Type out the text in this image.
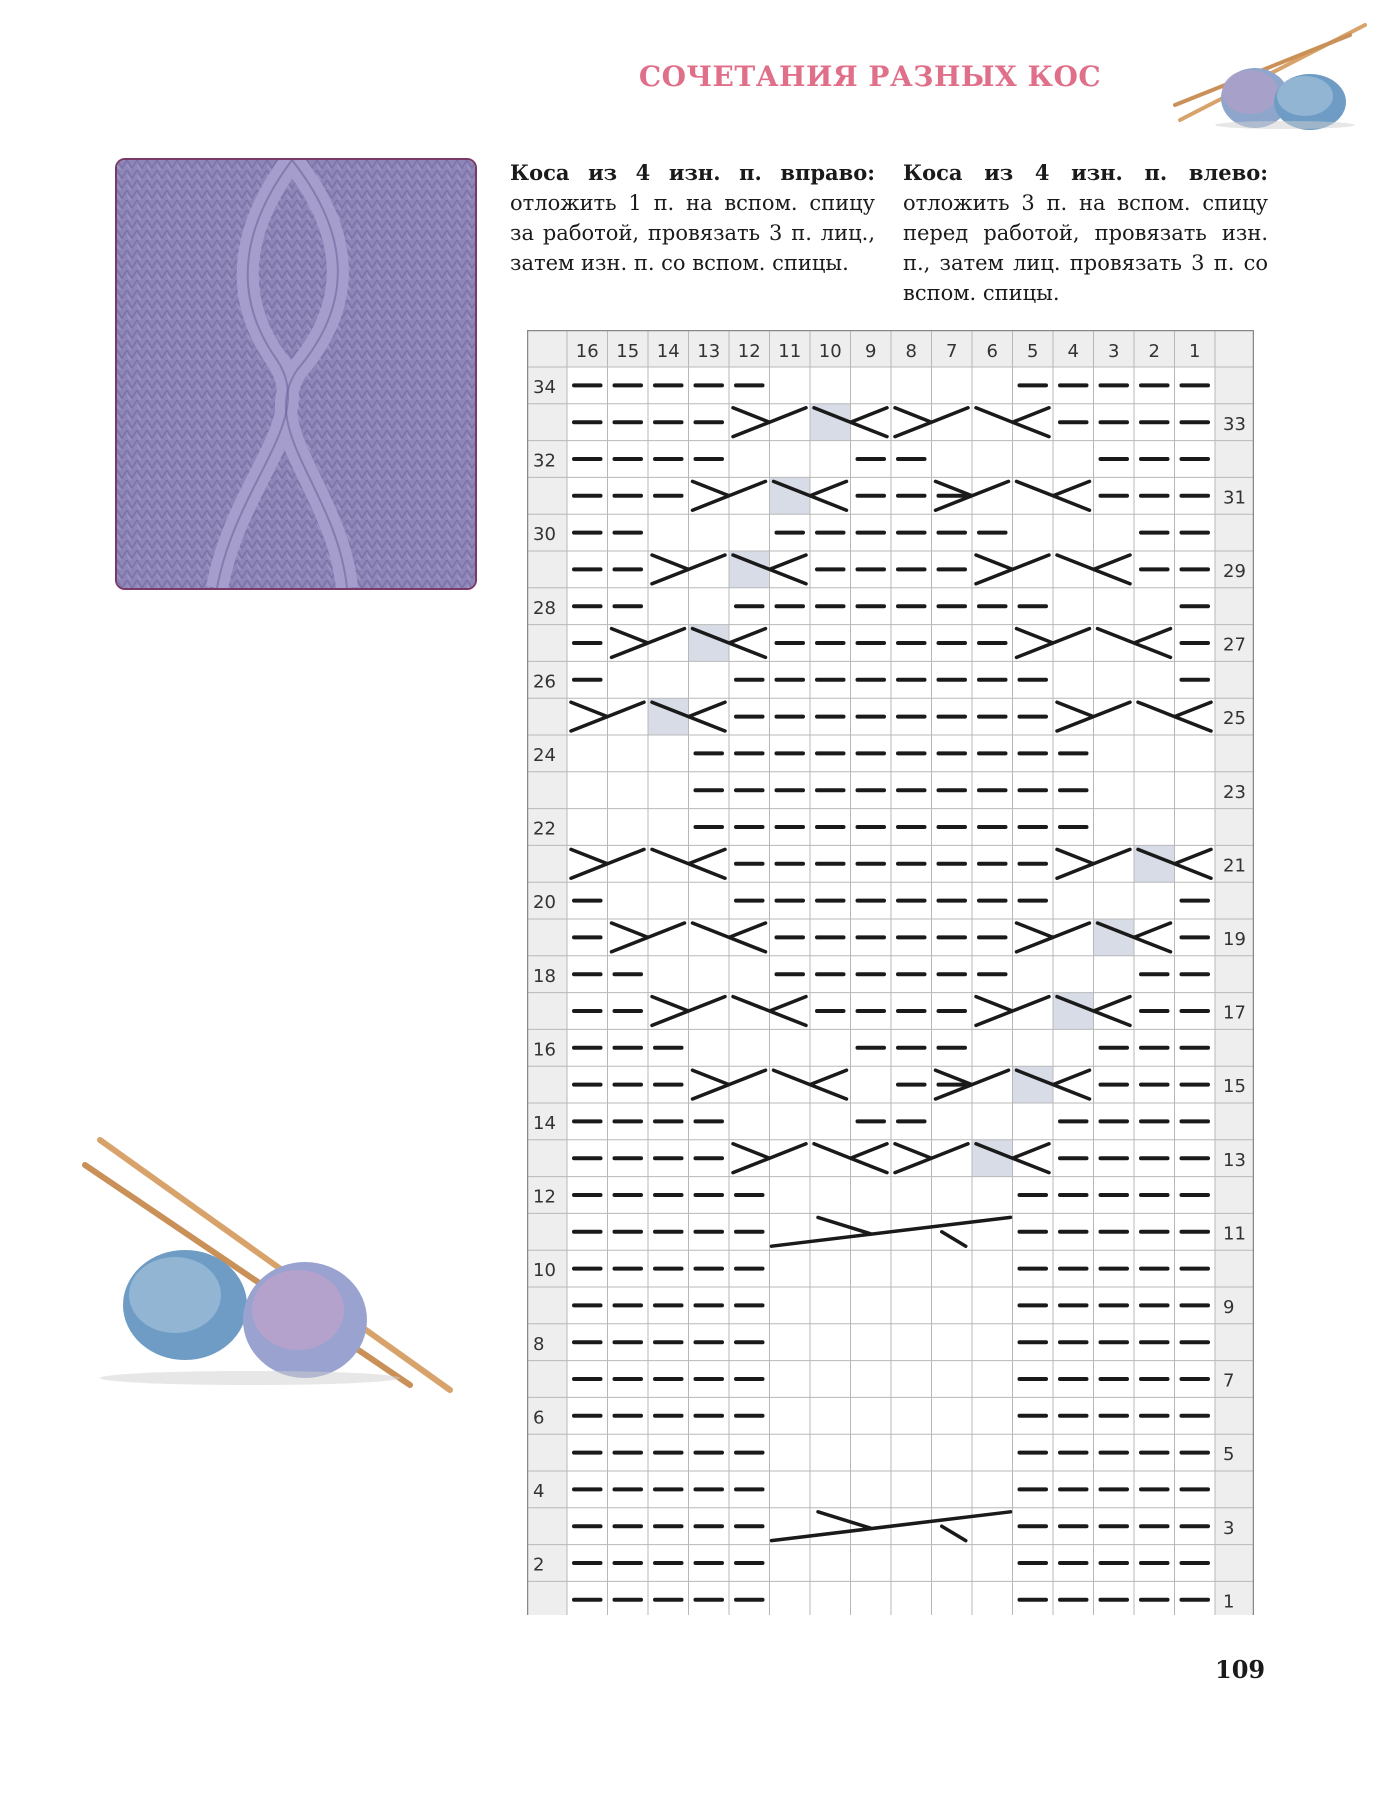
СОЧЕТАНИЯ РАЗНЫХ КОС
Коса из 4 изн. п. вправо: отложить 1 п. на вспом. спицу за работой, провязать 3 п. лиц., затем изн. п. со вспом. спицы.
Коса из 4 изн. п. влево: отложить 3 п. на вспом. спицу перед работой, провязать изн. п., затем лиц. провязать 3 п. со вспом. спицы.
16 15 14 13 12 11 10 9 8 7 6 5 4 3 2 1
1
2
3
4
5
6
7
8
9
10
11
12
13
14
15
16
17
18
19
20
21
22
23
24
25
26
27
28
29
30
31
32
33
34
109
